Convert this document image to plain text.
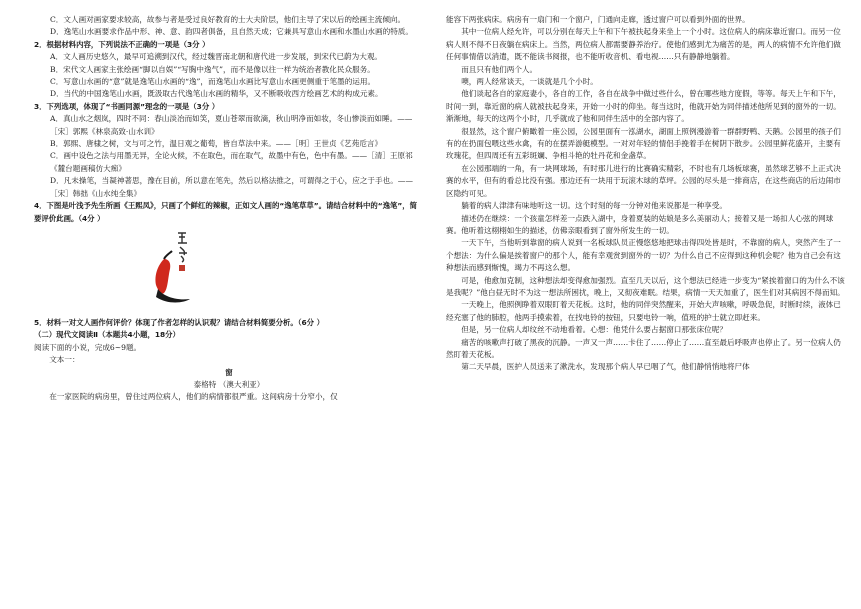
C．文人画对画家要求较高，故参与者是受过良好教育的士大夫阶层，他们主导了宋以后的绘画主流倾向。

D．逸笔山水画要求作品中形、神、意、韵四者俱备，且自然天成；它兼具写意山水画和水墨山水画的特质。

2．根据材料内容，下列说法不正确的一项是（3分 ）

A．文人画历史悠久，最早可追溯到汉代，经过魏晋南北朝和唐代进一步发展，到宋代已蔚为大观。

B．宋代文人画家主张绘画“脚以自娱”“写胸中逸气”，而不是像以往一样为统治者教化民众服务。

C．写意山水画的“意”就是逸笔山水画的“逸”，而逸笔山水画比写意山水画更侧重于笔墨的运用。

D．当代的中国逸笔山水画，既汲取古代逸笔山水画的精华，又不断吸收西方绘画艺术的构成元素。

3．下列选项，体现了“书画同源”理念的一项是（3分 ）

A．真山水之烟岚，四时不同：春山淡冶而如笑，夏山苍翠而欲滴，秋山明净而如妆，冬山惨淡而如睡。——［宋］郭熙《林泉高致·山水训》

B．郭熙、唐棣之树，文与可之竹，温日观之葡萄，皆自草法中来。——［明］王世贞《艺苑卮言》

C．画中设色之法与用墨无异，全论火候，不在取色，而在取气，故墨中有色，色中有墨。——［清］王原祁《麓台题画稿仿大痴》

D．凡未操笔，当凝神著思，豫在目前，所以意在笔先，然后以格法推之，可谓得之于心，应之于手也。——［宋］韩拙《山水纯全集》

4．下图是叶浅予先生所画《王熙凤》，只画了个鲜红的辣椒，正如文人画的“逸笔草草”。请结合材料中的“逸笔”，简要评价此画。（4分 ）

5．材料一对文人画作何评价？体现了作者怎样的认识观？请结合材料简要分析。（6分 ）

（二）现代文阅读Ⅱ（本题共4小题，18分）

阅读下面的小说，完成6~9题。

文本一：

窗

泰格特 （澳大利亚）

在一家医院的病房里，曾住过两位病人，他们的病情都很严重。这间病房十分窄小，仅

能容下两张病床。病房有一扇门和一个窗户，门通向走廊，透过窗户可以看到外面的世界。

其中一位病人经允许，可以分别在每天上午和下午被扶起身来坐上一个小时。这位病人的病床靠近窗口。而另一位病人则不得不日夜躺在病床上。当然，两位病人都需要静养治疗。使他们感到尤为痛苦的是，两人的病情不允许他们做任何事情借以消遣，既不能读书阅报，也不能听收音机、看电视……只有静静地躺着。

而且只有他们两个人。

噢，两人经常谈天，一谈就是几个小时。

他们谈起各自的家庭妻小，各自的工作，各自在战争中做过些什么，曾在哪些地方度假，等等。每天上午和下午，时间一到，靠近窗的病人就被扶起身来，开始一小时的仰坐。每当这时，他就开始为同伴描述他所见到的窗外的一切。渐渐地，每天的这两个小时，几乎就成了他和同伴生活中的全部内容了。

很显然，这个窗户俯瞰着一座公园，公园里面有一泓湖水，湖面上照例漫游着一群群野鸭、天鹅。公园里的孩子们有的在扔面包喂这些水禽，有的在摆弄游艇模型。一对对年轻的情侣手挽着手在树阴下散步。公园里鲜花盛开，主要有玫瑰花，但四周还有五彩斑斓、争相斗艳的牡丹花和金盏草。

在公园那端的一角，有一块网球场，有时那儿进行的比赛确实精彩，不时也有几场板球赛，虽然球艺够不上正式决赛的水平，但有的看总比没有强。那边还有一块用于玩滚木球的草坪。公园的尽头是一排商店，在这些商店的后边闹市区隐约可见。

躺着的病人津津有味地听这一切。这个时刻的每一分钟对他来说都是一种享受。

描述仍在继续：一个孩童怎样差一点跌入湖中，身着夏装的姑娘是多么美丽动人；接着又是一场扣人心弦的网球赛。他听着这栩栩如生的描述，仿佛亲眼看到了窗外所发生的一切。

一天下午，当他听到靠窗的病人说到一名板球队员正慢悠悠地把球击得四处皆是时，不靠窗的病人，突然产生了一个想法：为什么偏是挨着窗户的那个人，能有幸观赏到窗外的一切？为什么自己不应得到这种机会呢？他为自己会有这种想法而感到惭愧，竭力不再这么想。

可是，他愈加克制，这种想法却变得愈加强烈。直至几天以后，这个想法已经进一步变为“紧挨着窗口的为什么不该是我呢？”他白昼无时不为这一想法所困扰，晚上，又彻夜难眠。结果，病情一天天加重了，医生们对其病因不得而知。

一天晚上，他照例睁着双眼盯着天花板。这时，他的同伴突然醒来，开始大声咳嗽，呼吸急促，时断时续，液体已经充塞了他的肺腔，他两手摸索着，在找电铃的按钮，只要电铃一响，值班的护士就立即赶来。

但是，另一位病人却纹丝不动地看着。心想：他凭什么要占据窗口那张床位呢？

痛苦的咳嗽声打破了黑夜的沉静。一声又一声……卡住了……停止了……直至最后呼吸声也停止了。另一位病人仍然盯着天花板。

第二天早晨，医护人员送来了漱洗水，发现那个病人早已咽了气，他们静悄悄地将尸体
